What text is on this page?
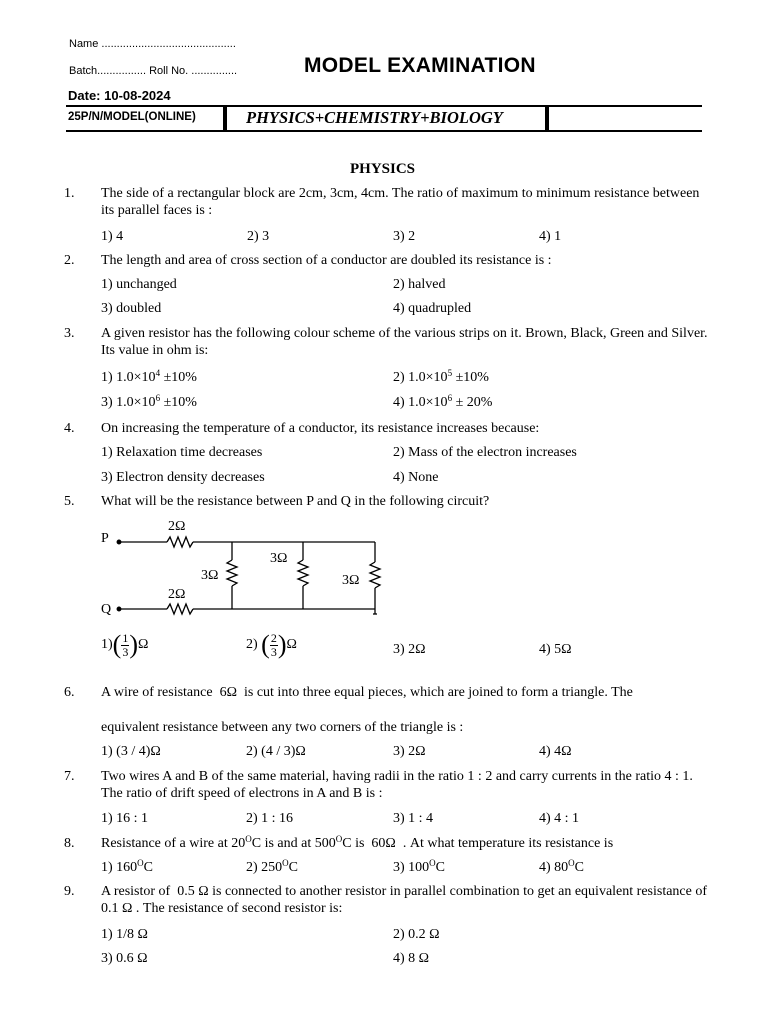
Name ............................................
Batch................ Roll No. ...............	MODEL EXAMINATION
Date: 10-08-2024
25P/N/MODEL(ONLINE)	PHYSICS+CHEMISTRY+BIOLOGY
PHYSICS
1. The side of a rectangular block are 2cm, 3cm, 4cm. The ratio of maximum to minimum resistance between its parallel faces is :
1) 4	2) 3	3) 2	4) 1
2. The length and area of cross section of a conductor are doubled its resistance is :
1) unchanged	2) halved
3) doubled	4) quadrupled
3. A given resistor has the following colour scheme of the various strips on it. Brown, Black, Green and Silver. Its value in ohm is:
1) $1.0\times 10^4 \pm 10\%$	2) $1.0\times 10^5 \pm 10\%$
3) $1.0\times 10^6 \pm 10\%$	4) $1.0\times 10^6 \pm 20\%$
4. On increasing the temperature of a conductor, its resistance increases because:
1) Relaxation time decreases	2) Mass of the electron increases
3) Electron density decreases	4) None
5. What will be the resistance between P and Q in the following circuit?
P
Q
2Ω
2Ω
3Ω
3Ω
3Ω
$1)( \frac{1}{3} )\Omega$	2) ( $\frac{2}{3} )\Omega$	3) 2Ω	4) 5Ω
6. A wire of resistance 6Ω is cut into three equal pieces, which are joined to form a triangle. The
equivalent resistance between any two corners of the triangle is :
1) (3 / 4)Ω	2) (4 / 3)Ω	3) 2Ω	4) 4Ω
7. Two wires A and B of the same material, having radii in the ratio 1 : 2 and carry currents in the ratio 4 : 1. The ratio of drift speed of electrons in A and B is :
1) 16 : 1	2) 1 : 16	3) 1 : 4	4) 4 : 1
8. Resistance of a wire at $20^OC$ is and at $500^OC$ is 60Ω . At what temperature its resistance is
1) $160^OC$	2) $250^OC$	3) $100^OC$	4) $80^OC$
9. A resistor of 0.5 Ω is connected to another resistor in parallel combination to get an equivalent resistance of 0.1 Ω . The resistance of second resistor is:
1) 1/8 Ω	2) 0.2 Ω
3) 0.6 Ω	4) 8 Ω
